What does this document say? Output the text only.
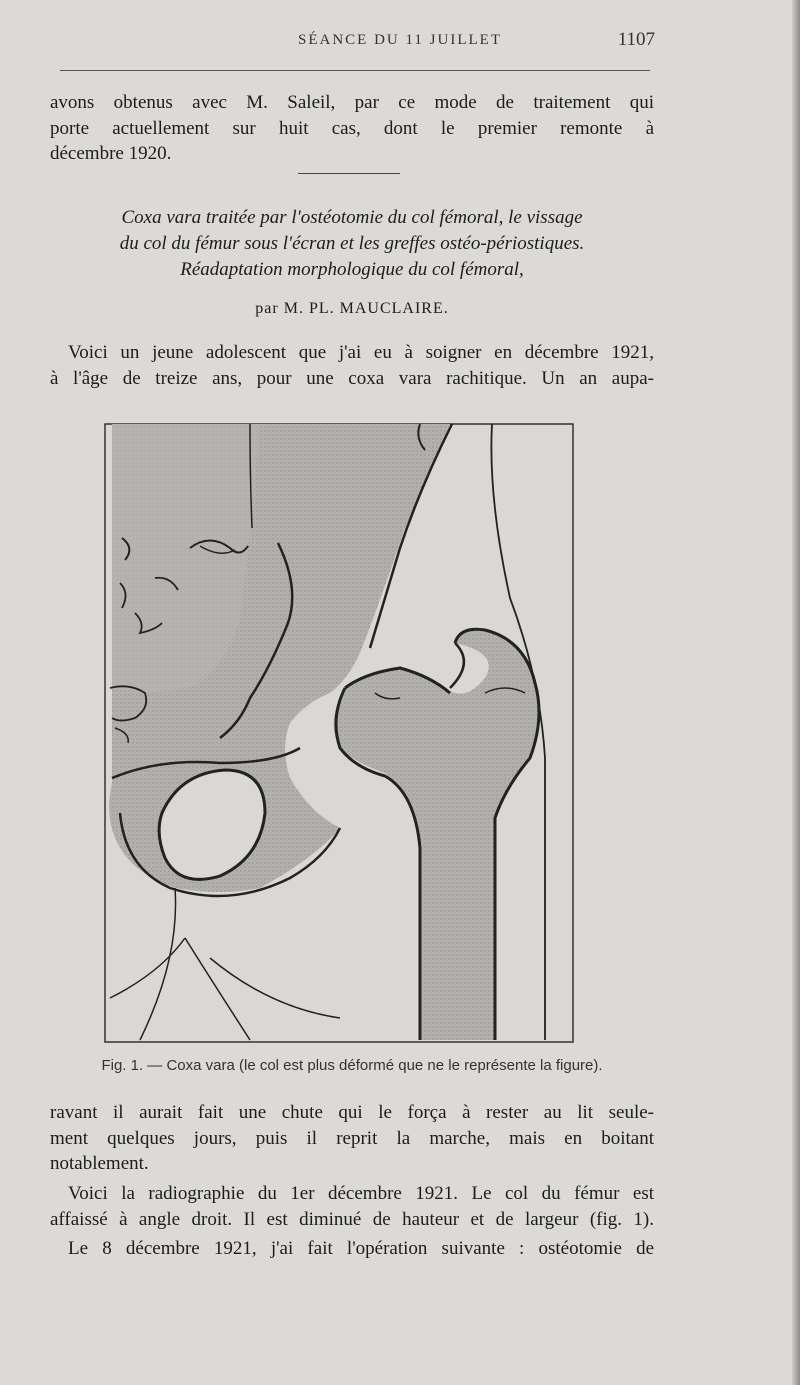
SÉANCE DU 11 JUILLET	1107
avons obtenus avec M. Saleil, par ce mode de traitement qui
porte actuellement sur huit cas, dont le premier remonte à
décembre 1920.
Coxa vara traitée par l'ostéotomie du col fémoral, le vissage
du col du fémur sous l'écran et les greffes ostéo-périostiques.
Réadaptation morphologique du col fémoral,
par M. PL. MAUCLAIRE.
Voici un jeune adolescent que j'ai eu à soigner en décembre 1921,
à l'âge de treize ans, pour une coxa vara rachitique. Un an aupa-
Fig. 1. — Coxa vara (le col est plus déformé que ne le représente la figure).
ravant il aurait fait une chute qui le força à rester au lit seule-
ment quelques jours, puis il reprit la marche, mais en boitant
notablement.
Voici la radiographie du 1er décembre 1921. Le col du fémur est
affaissé à angle droit. Il est diminué de hauteur et de largeur (fig. 1).
Le 8 décembre 1921, j'ai fait l'opération suivante : ostéotomie de
